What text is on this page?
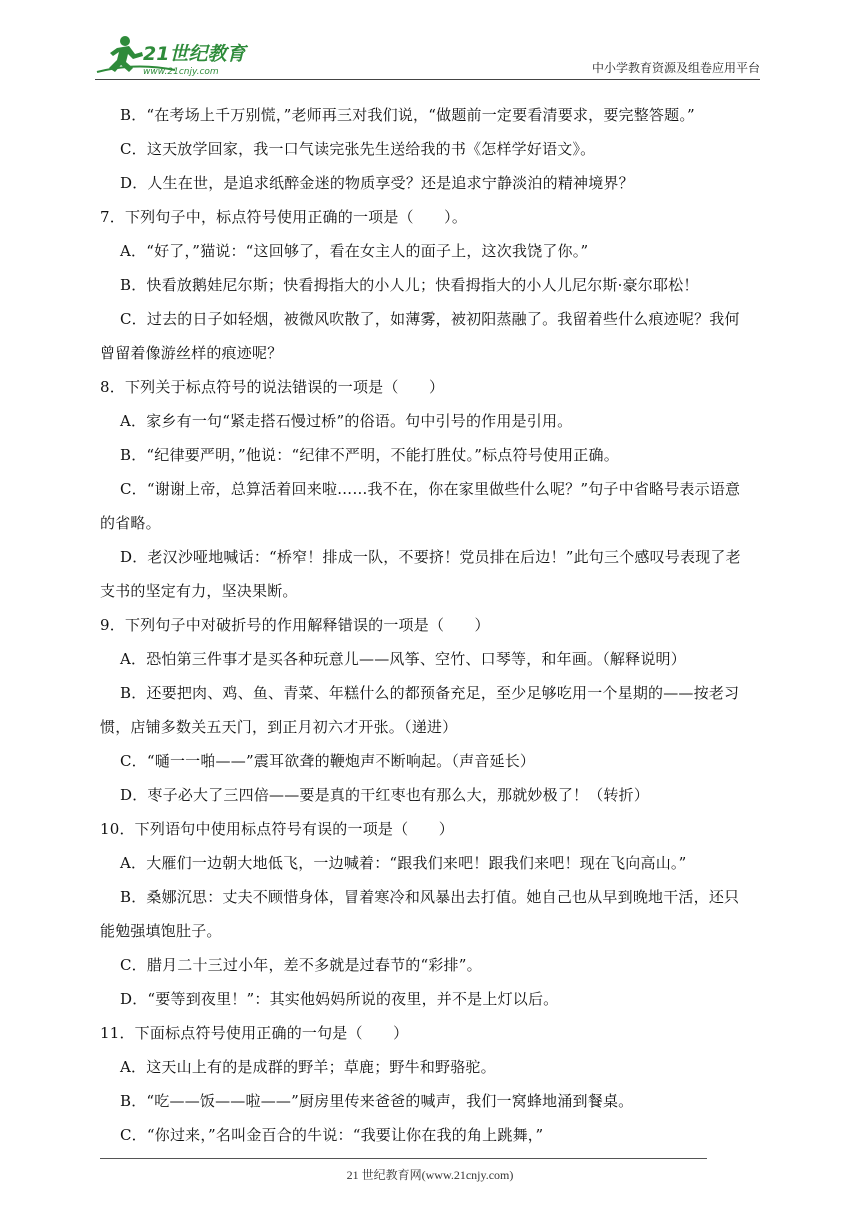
21世纪教育
www.21cnjy.com	中小学教育资源及组卷应用平台
B．“在考场上千万别慌，”老师再三对我们说，“做题前一定要看清要求，要完整答题。”
C．这天放学回家，我一口气读完张先生送给我的书《怎样学好语文》。
D．人生在世，是追求纸醉金迷的物质享受？还是追求宁静淡泊的精神境界？
7．下列句子中，标点符号使用正确的一项是（　　）。
A．“好了，”猫说：“这回够了，看在女主人的面子上，这次我饶了你。”
B．快看放鹅娃尼尔斯；快看拇指大的小人儿；快看拇指大的小人儿尼尔斯·豪尔耶松！
C．过去的日子如轻烟，被微风吹散了，如薄雾，被初阳蒸融了。我留着些什么痕迹呢？我何
曾留着像游丝样的痕迹呢？
8．下列关于标点符号的说法错误的一项是（　　）
A．家乡有一句“紧走搭石慢过桥”的俗语。句中引号的作用是引用。
B．“纪律要严明，”他说：“纪律不严明，不能打胜仗。”标点符号使用正确。
C．“谢谢上帝，总算活着回来啦……我不在，你在家里做些什么呢？”句子中省略号表示语意
的省略。
D．老汉沙哑地喊话：“桥窄！排成一队，不要挤！党员排在后边！”此句三个感叹号表现了老
支书的坚定有力，坚决果断。
9．下列句子中对破折号的作用解释错误的一项是（　　）
A．恐怕第三件事才是买各种玩意儿——风筝、空竹、口琴等，和年画。（解释说明）
B．还要把肉、鸡、鱼、青菜、年糕什么的都预备充足，至少足够吃用一个星期的——按老习
惯，店铺多数关五天门，到正月初六才开张。（递进）
C．“嗵一一啪——”震耳欲聋的鞭炮声不断响起。（声音延长）
D．枣子必大了三四倍——要是真的干红枣也有那么大，那就妙极了！（转折）
10．下列语句中使用标点符号有误的一项是（　　）
A．大雁们一边朝大地低飞，一边喊着：“跟我们来吧！跟我们来吧！现在飞向高山。”
B．桑娜沉思：丈夫不顾惜身体，冒着寒冷和风暴出去打值。她自己也从早到晚地干活，还只
能勉强填饱肚子。
C．腊月二十三过小年，差不多就是过春节的“彩排”。
D．“要等到夜里！”：其实他妈妈所说的夜里，并不是上灯以后。
11．下面标点符号使用正确的一句是（　　）
A．这天山上有的是成群的野羊；草鹿；野牛和野骆驼。
B．“吃——饭——啦——”厨房里传来爸爸的喊声，我们一窝蜂地涌到餐桌。
C．“你过来，”名叫金百合的牛说：“我要让你在我的角上跳舞，”
21 世纪教育网(www.21cnjy.com)
